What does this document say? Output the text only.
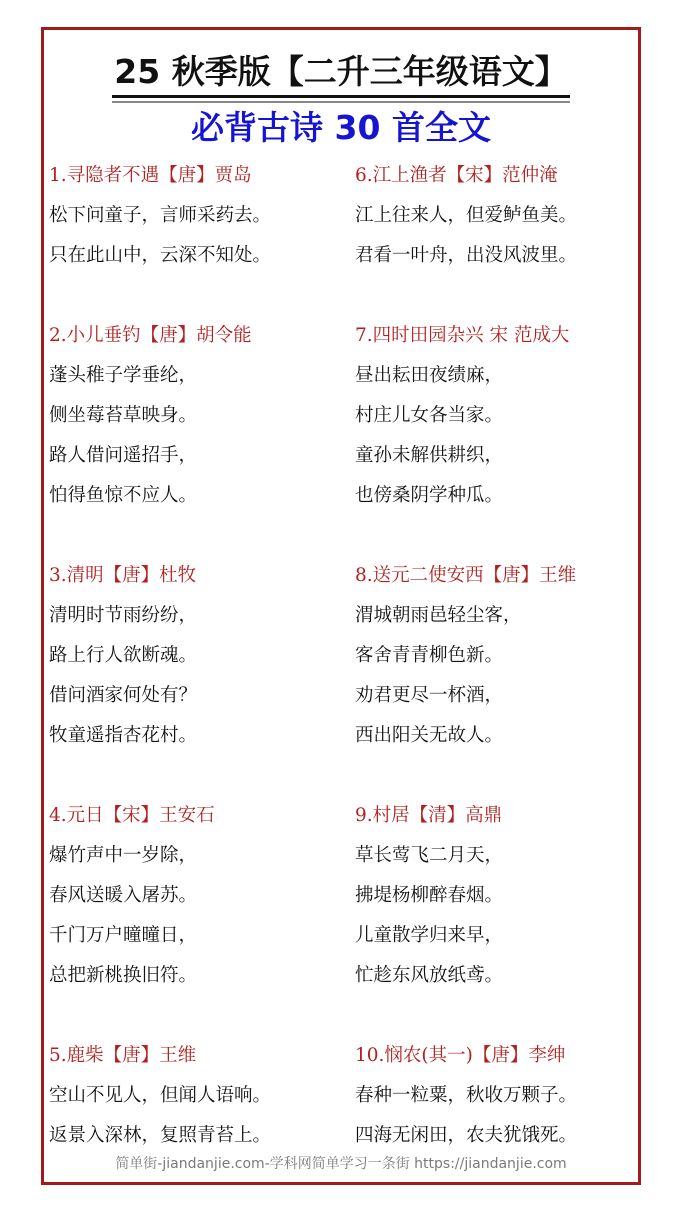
25 秋季版【二升三年级语文】
必背古诗 30 首全文
1.寻隐者不遇【唐】贾岛
松下问童子，言师采药去。
只在此山中，云深不知处。
2.小儿垂钓【唐】胡令能
蓬头稚子学垂纶，
侧坐莓苔草映身。
路人借问遥招手，
怕得鱼惊不应人。
3.清明【唐】杜牧
清明时节雨纷纷，
路上行人欲断魂。
借问酒家何处有？
牧童遥指杏花村。
4.元日【宋】王安石
爆竹声中一岁除，
春风送暖入屠苏。
千门万户曈曈日，
总把新桃换旧符。
5.鹿柴【唐】王维
空山不见人，但闻人语响。
返景入深林，复照青苔上。
6.江上渔者【宋】范仲淹
江上往来人，但爱鲈鱼美。
君看一叶舟，出没风波里。
7.四时田园杂兴 宋 范成大
昼出耘田夜绩麻，
村庄儿女各当家。
童孙未解供耕织，
也傍桑阴学种瓜。
8.送元二使安西【唐】王维
渭城朝雨邑轻尘客，
客舍青青柳色新。
劝君更尽一杯酒，
西出阳关无故人。
9.村居【清】高鼎
草长莺飞二月天，
拂堤杨柳醉春烟。
儿童散学归来早，
忙趁东风放纸鸢。
10.悯农(其一)【唐】李绅
春种一粒粟，秋收万颗子。
四海无闲田，农夫犹饿死。
简单街-jiandanjie.com-学科网简单学习一条街 https://jiandanjie.com
